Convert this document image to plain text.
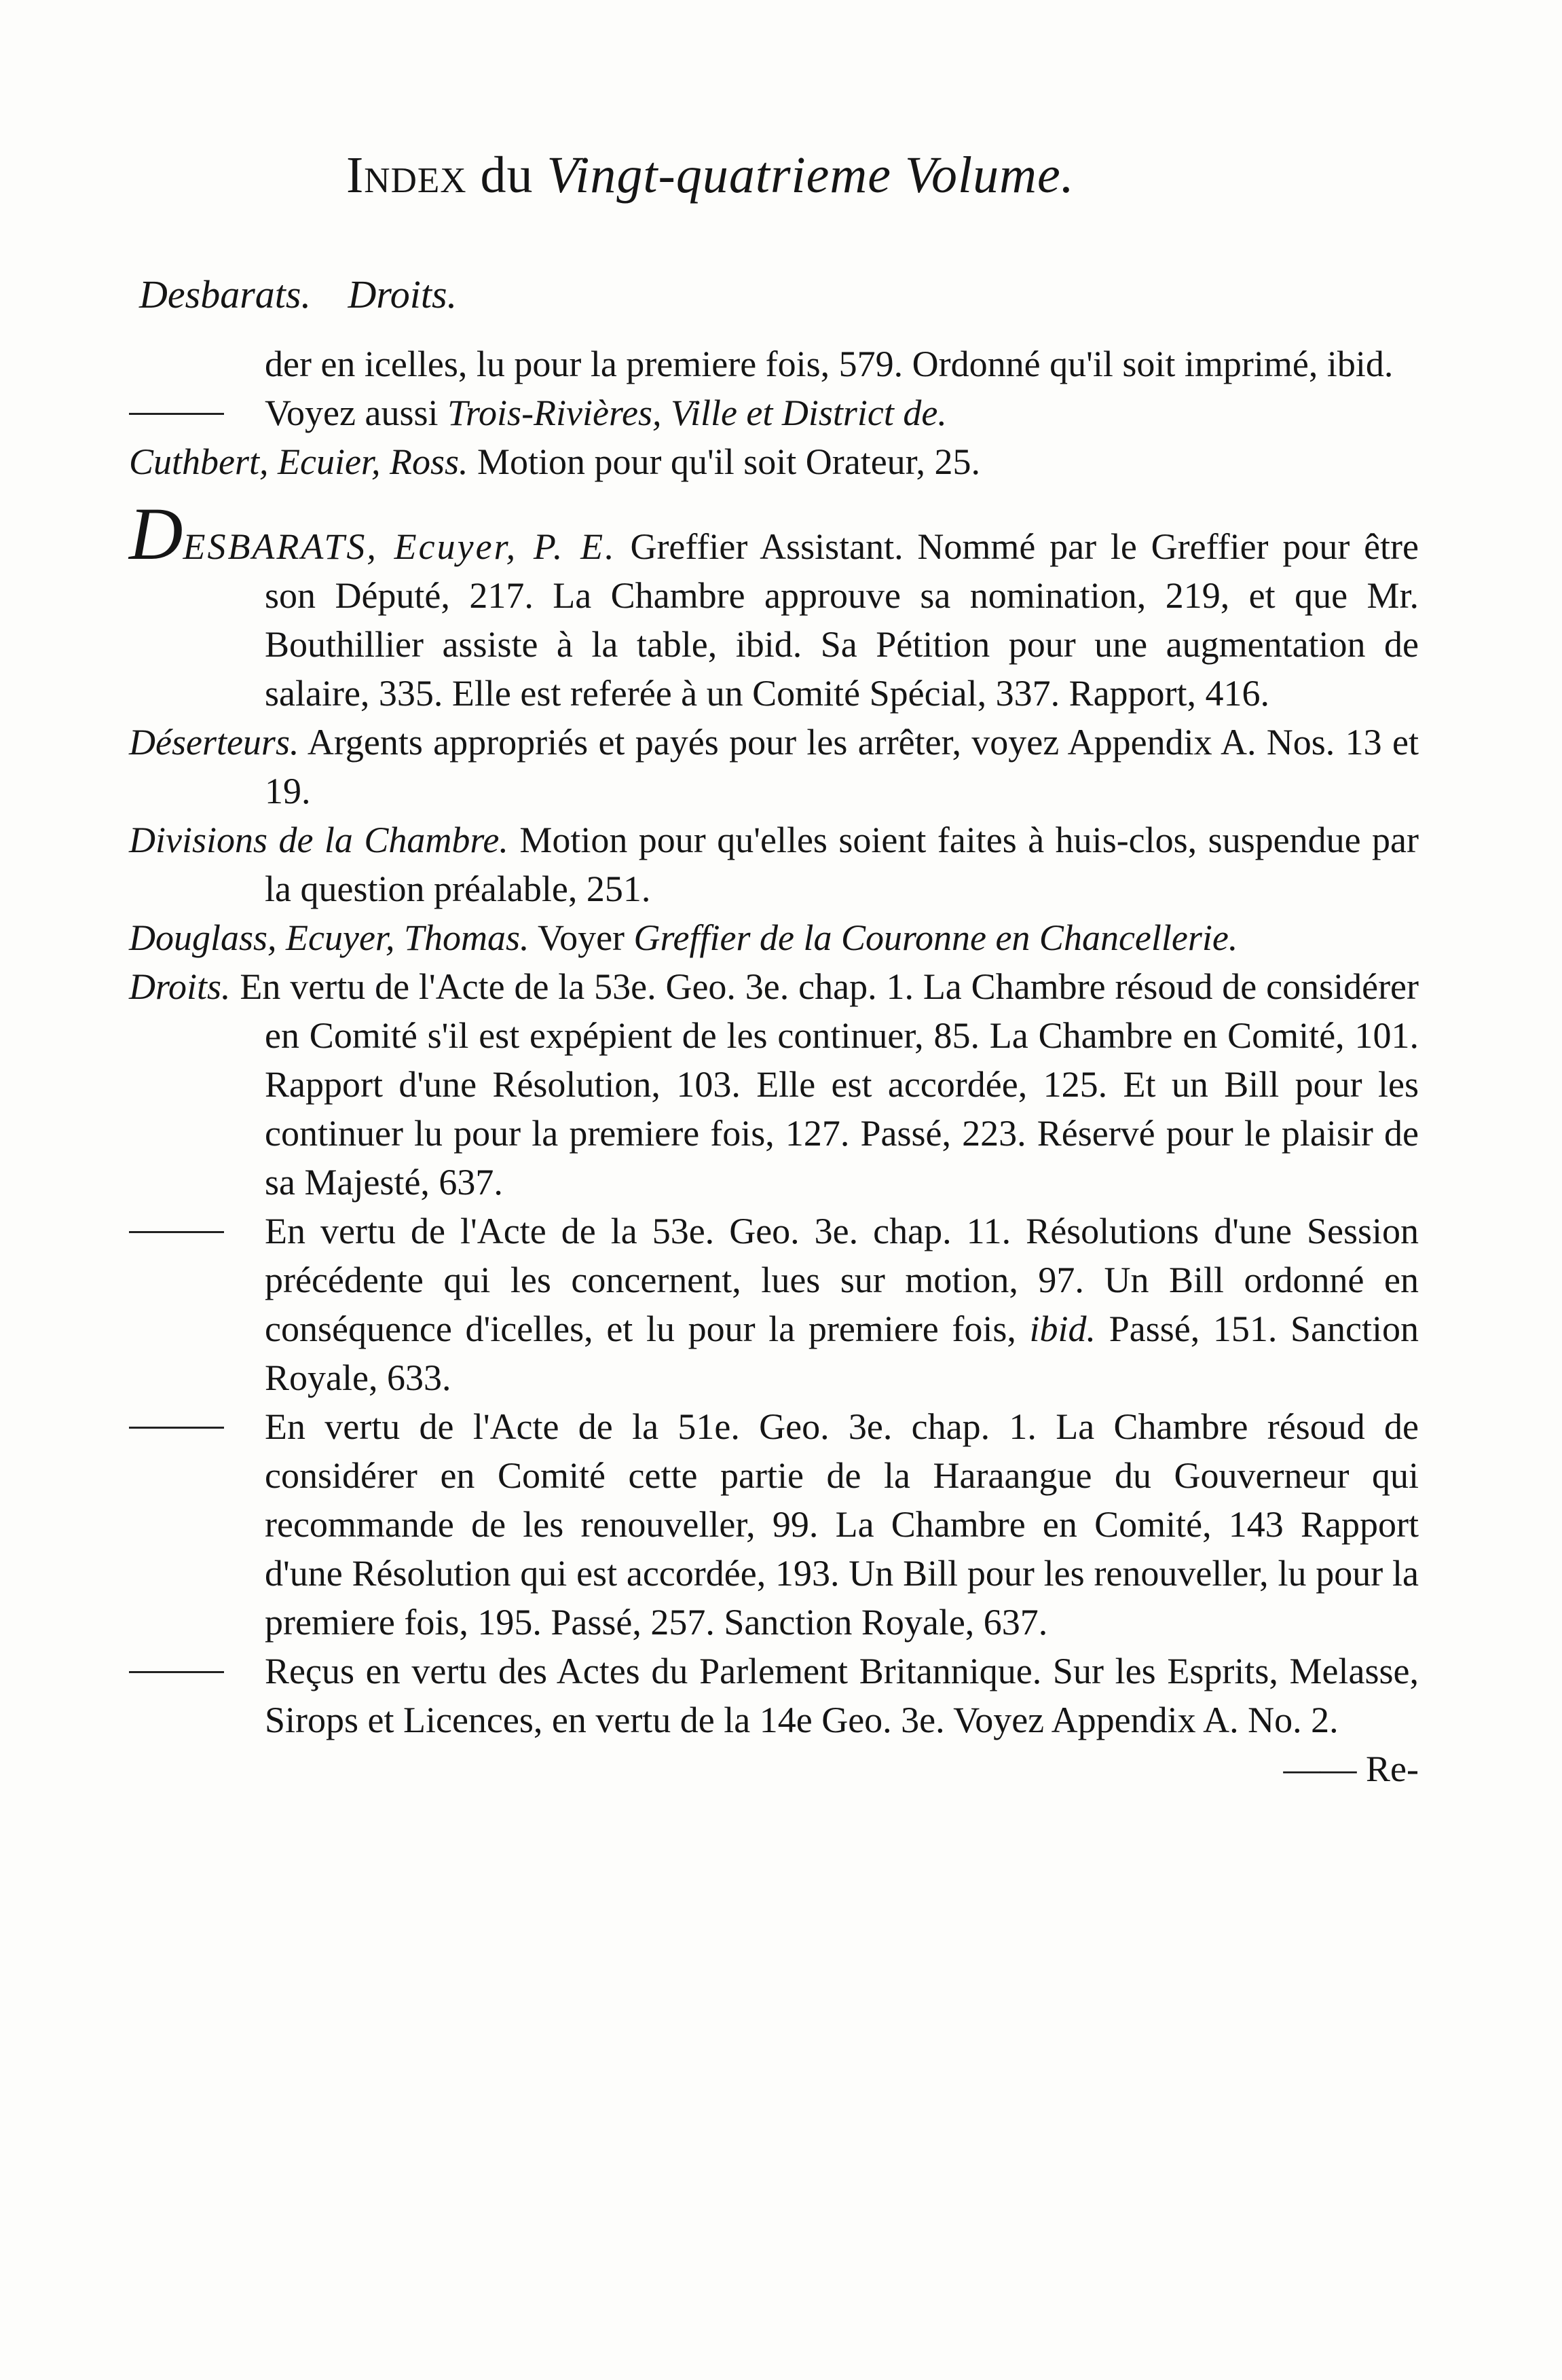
Index du Vingt-quatrieme Volume.
Desbarats. Droits.

der en icelles, lu pour la premiere fois, 579. Ordonné qu'il soit imprimé, ibid.

Voyez aussi Trois-Rivières, Ville et District de.

Cuthbert, Ecuier, Ross. Motion pour qu'il soit Orateur, 25.

DESBARATS, Ecuyer, P. E. Greffier Assistant. Nommé par le Greffier pour être son Député, 217. La Chambre approuve sa nomination, 219, et que Mr. Bouthillier assiste à la table, ibid. Sa Pétition pour une augmentation de salaire, 335. Elle est referée à un Comité Spécial, 337. Rapport, 416.

Déserteurs. Argents appropriés et payés pour les arrêter, voyez Appendix A. Nos. 13 et 19.

Divisions de la Chambre. Motion pour qu'elles soient faites à huis-clos, suspendue par la question préalable, 251.

Douglass, Ecuyer, Thomas. Voyer Greffier de la Couronne en Chancellerie.

Droits. En vertu de l'Acte de la 53e. Geo. 3e. chap. 1. La Chambre résoud de considérer en Comité s'il est expépient de les continuer, 85. La Chambre en Comité, 101. Rapport d'une Résolution, 103. Elle est accordée, 125. Et un Bill pour les continuer lu pour la premiere fois, 127. Passé, 223. Réservé pour le plaisir de sa Majesté, 637.

En vertu de l'Acte de la 53e. Geo. 3e. chap. 11. Résolutions d'une Session précédente qui les concernent, lues sur motion, 97. Un Bill ordonné en conséquence d'icelles, et lu pour la premiere fois, ibid. Passé, 151. Sanction Royale, 633.

En vertu de l'Acte de la 51e. Geo. 3e. chap. 1. La Chambre résoud de considérer en Comité cette partie de la Haraangue du Gouverneur qui recommande de les renouveller, 99. La Chambre en Comité, 143 Rapport d'une Résolution qui est accordée, 193. Un Bill pour les renouveller, lu pour la premiere fois, 195. Passé, 257. Sanction Royale, 637.

Reçus en vertu des Actes du Parlement Britannique. Sur les Esprits, Melasse, Sirops et Licences, en vertu de la 14e Geo. 3e. Voyez Appendix A. No. 2.
—— Re-
